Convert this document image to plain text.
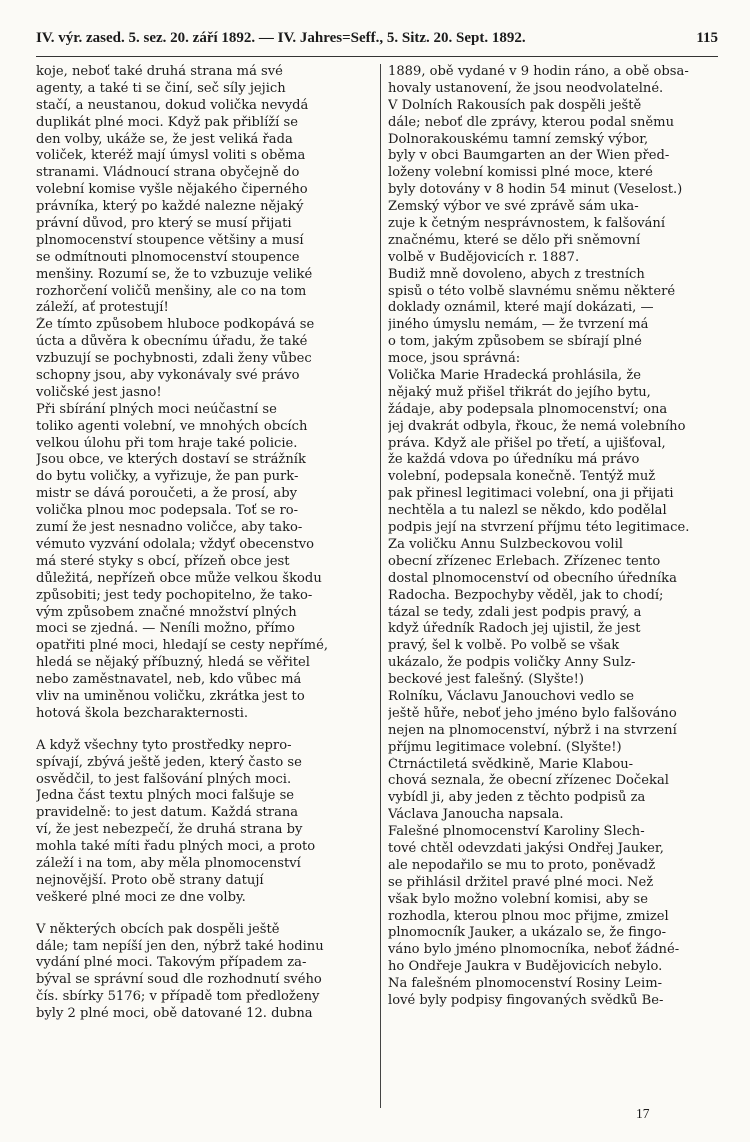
IV. výr. zased. 5. sez. 20. září 1892. — IV. Jahres=Seff., 5. Sitz. 20. Sept. 1892.	115
koje, neboť také druhá strana má své
agenty, a také ti se činí, seč síly jejich
stačí, a neustanou, dokud volička nevydá
duplikát plné moci. Když pak přiblíží se
den volby, ukáže se, že jest veliká řada
voliček, kteréž mají úmysl voliti s oběma
stranami. Vládnoucí strana obyčejně do
volební komise vyšle nějakého čiperného
právníka, který po každé nalezne nějaký
právní důvod, pro který se musí přijati
plnomocenství stoupence většiny a musí
se odmítnouti plnomocenství stoupence
menšiny. Rozumí se, že to vzbuzuje veliké
rozhorčení voličů menšiny, ale co na tom
záleží, ať protestují!
Že tímto způsobem hluboce podkopává se
úcta a důvěra k obecnímu úřadu, že také
vzbuzují se pochybnosti, zdali ženy vůbec
schopny jsou, aby vykonávaly své právo
voličské jest jasno!
Při sbírání plných moci neúčastní se
toliko agenti volební, ve mnohých obcích
velkou úlohu při tom hraje také policie.
Jsou obce, ve kterých dostaví se strážník
do bytu voličky, a vyřizuje, že pan purk-
mistr se dává poroučeti, a že prosí, aby
volička plnou moc podepsala. Toť se ro-
zumí že jest nesnadno voličce, aby tako-
vémuto vyzvání odolala; vždyť obecenstvo
má steré styky s obcí, přízeň obce jest
důležitá, nepřízeň obce může velkou škodu
způsobiti; jest tedy pochopitelno, že tako-
vým způsobem značné množství plných
moci se zjedná. — Neníli možno, přímo
opatřiti plné moci, hledají se cesty nepřímé,
hledá se nějaký příbuzný, hledá se věřitel
nebo zaměstnavatel, neb, kdo vůbec má
vliv na uminěnou voličku, zkrátka jest to
hotová škola bezcharakternosti.
A když všechny tyto prostředky nepro-
spívají, zbývá ještě jeden, který často se
osvědčil, to jest falšování plných moci.
Jedna část textu plných moci falšuje se
pravidelně: to jest datum. Každá strana
ví, že jest nebezpečí, že druhá strana by
mohla také míti řadu plných moci, a proto
záleží i na tom, aby měla plnomocenství
nejnovější. Proto obě strany datují
veškeré plné moci ze dne volby.
V některých obcích pak dospěli ještě
dále; tam nepíší jen den, nýbrž také hodinu
vydání plné moci. Takovým případem za-
býval se správní soud dle rozhodnutí svého
čís. sbírky 5176; v případě tom předloženy
byly 2 plné moci, obě datované 12. dubna
1889, obě vydané v 9 hodin ráno, a obě obsa-
hovaly ustanovení, že jsou neodvolatelné.
V Dolních Rakousích pak dospěli ještě
dále; neboť dle zprávy, kterou podal sněmu
Dolnorakouskému tamní zemský výbor,
byly v obci Baumgarten an der Wien před-
loženy volební komissi plné moce, které
byly dotovány v 8 hodin 54 minut (Veselost.)
Zemský výbor ve své zprávě sám uka-
zuje k četným nesprávnostem, k falšování
značnému, které se dělo při sněmovní
volbě v Budějovicích r. 1887.
Budiž mně dovoleno, abych z trestních
spisů o této volbě slavnému sněmu některé
doklady oznámil, které mají dokázati, —
jiného úmyslu nemám, — že tvrzení má
o tom, jakým způsobem se sbírají plné
moce, jsou správná:
Volička Marie Hradecká prohlásila, že
nějaký muž přišel třikrát do jejího bytu,
žádaje, aby podepsala plnomocenství; ona
jej dvakrát odbyla, řkouc, že nemá volebního
práva. Když ale přišel po třetí, a ujišťoval,
že každá vdova po úředníku má právo
volební, podepsala konečně. Tentýž muž
pak přinesl legitimaci volební, ona ji přijati
nechtěla a tu nalezl se někdo, kdo podělal
podpis její na stvrzení příjmu této legitimace.
Za voličku Annu Sulzbeckovou volil
obecní zřízenec Erlebach. Zřízenec tento
dostal plnomocenství od obecního úředníka
Radocha. Bezpochyby věděl, jak to chodí;
tázal se tedy, zdali jest podpis pravý, a
když úředník Radoch jej ujistil, že jest
pravý, šel k volbě. Po volbě se však
ukázalo, že podpis voličky Anny Sulz-
beckové jest falešný. (Slyšte!)
Rolníku, Václavu Janouchovi vedlo se
ještě hůře, neboť jeho jméno bylo falšováno
nejen na plnomocenství, nýbrž i na stvrzení
příjmu legitimace volební. (Slyšte!)
Čtrnáctiletá svědkině, Marie Klabou-
chová seznala, že obecní zřízenec Dočekal
vybídl ji, aby jeden z těchto podpisů za
Václava Janoucha napsala.
Falešné plnomocenství Karoliny Šlech-
tové chtěl odevzdati jakýsi Ondřej Jauker,
ale nepodařilo se mu to proto, poněvadž
se přihlásil držitel pravé plné moci. Než
však bylo možno volební komisi, aby se
rozhodla, kterou plnou moc přijme, zmizel
plnomocník Jauker, a ukázalo se, že fingo-
váno bylo jméno plnomocníka, neboť žádné-
ho Ondřeje Jaukra v Budějovicích nebylo.
Na falešném plnomocenství Rosiny Leim-
lové byly podpisy fingovaných svědků Be-
17
